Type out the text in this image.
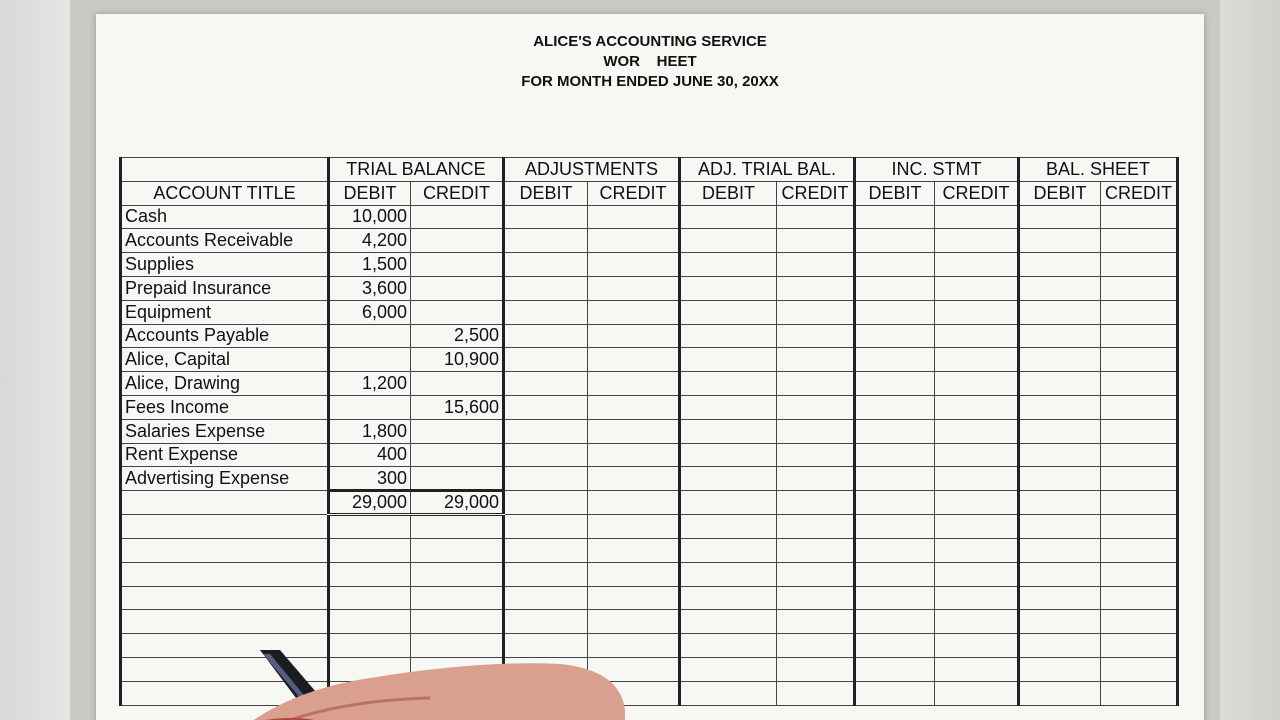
ALICE'S ACCOUNTING SERVICE
WOR    HEET
FOR MONTH ENDED JUNE 30, 20XX
	TRIAL BALANCE		ADJUSTMENTS		ADJ. TRIAL BAL.		INC. STMT		BAL. SHEET	
ACCOUNT TITLE	DEBIT	CREDIT	DEBIT	CREDIT	DEBIT	CREDIT	DEBIT	CREDIT	DEBIT	CREDIT
Cash	10,000									
Accounts Receivable	4,200									
Supplies	1,500									
Prepaid Insurance	3,600									
Equipment	6,000									
Accounts Payable		2,500								
Alice, Capital		10,900								
Alice, Drawing	1,200									
Fees Income		15,600								
Salaries Expense	1,800									
Rent Expense	400									
Advertising Expense	300									
	29,000	29,000								
